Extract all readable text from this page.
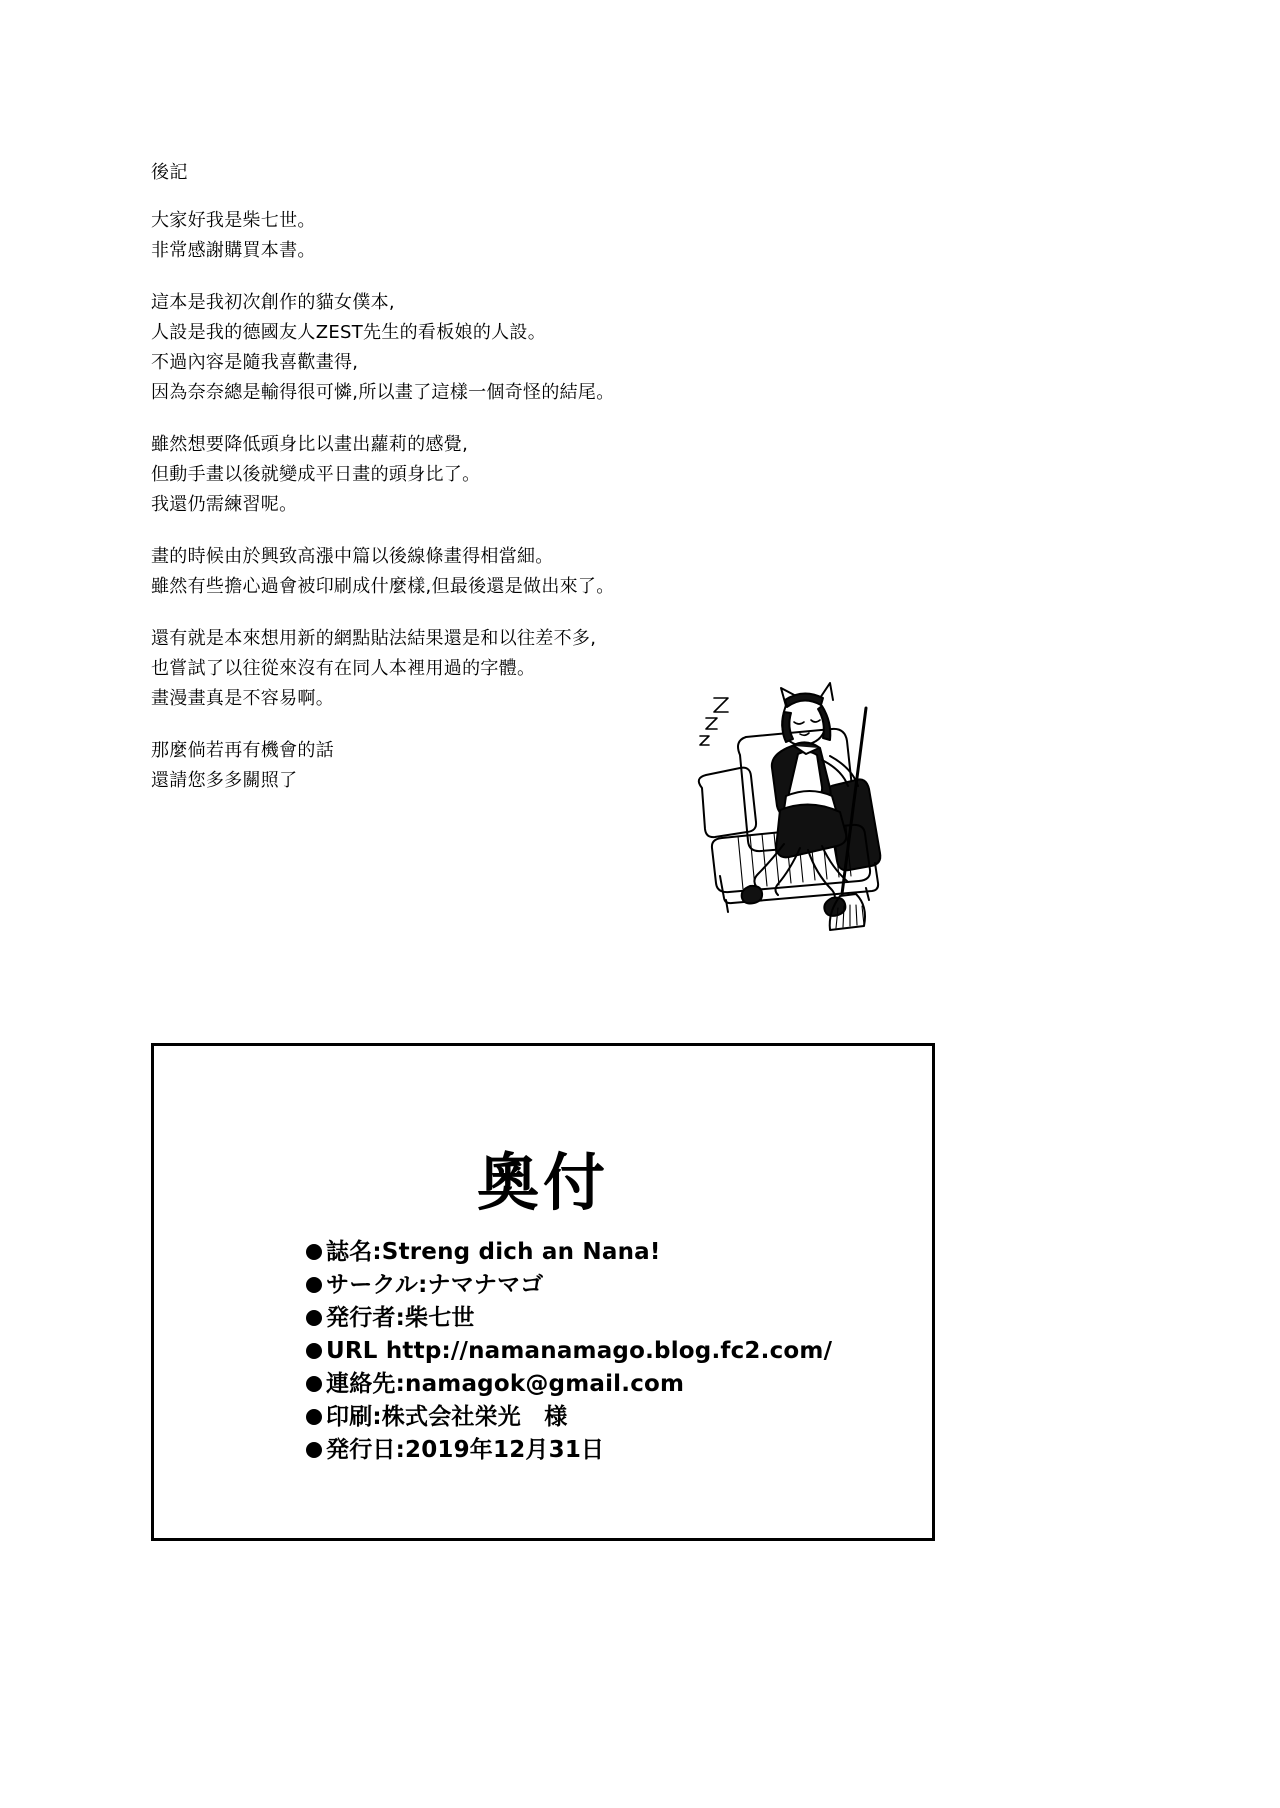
後記
大家好我是柴七世。
非常感謝購買本書。
這本是我初次創作的貓女僕本,
人設是我的德國友人ZEST先生的看板娘的人設。
不過內容是隨我喜歡畫得,
因為奈奈總是輸得很可憐,所以畫了這樣一個奇怪的結尾。
雖然想要降低頭身比以畫出蘿莉的感覺,
但動手畫以後就變成平日畫的頭身比了。
我還仍需練習呢。
畫的時候由於興致高漲中篇以後線條畫得相當細。
雖然有些擔心過會被印刷成什麼樣,但最後還是做出來了。
還有就是本來想用新的網點貼法結果還是和以往差不多,
也嘗試了以往從來沒有在同人本裡用過的字體。
畫漫畫真是不容易啊。
那麼倘若再有機會的話
還請您多多關照了
奧付
誌名:Streng dich an Nana!
サークル:ナマナマゴ
発行者:柴七世
URL http://namanamago.blog.fc2.com/
連絡先:namagok@gmail.com
印刷:株式会社栄光　様
発行日:2019年12月31日
